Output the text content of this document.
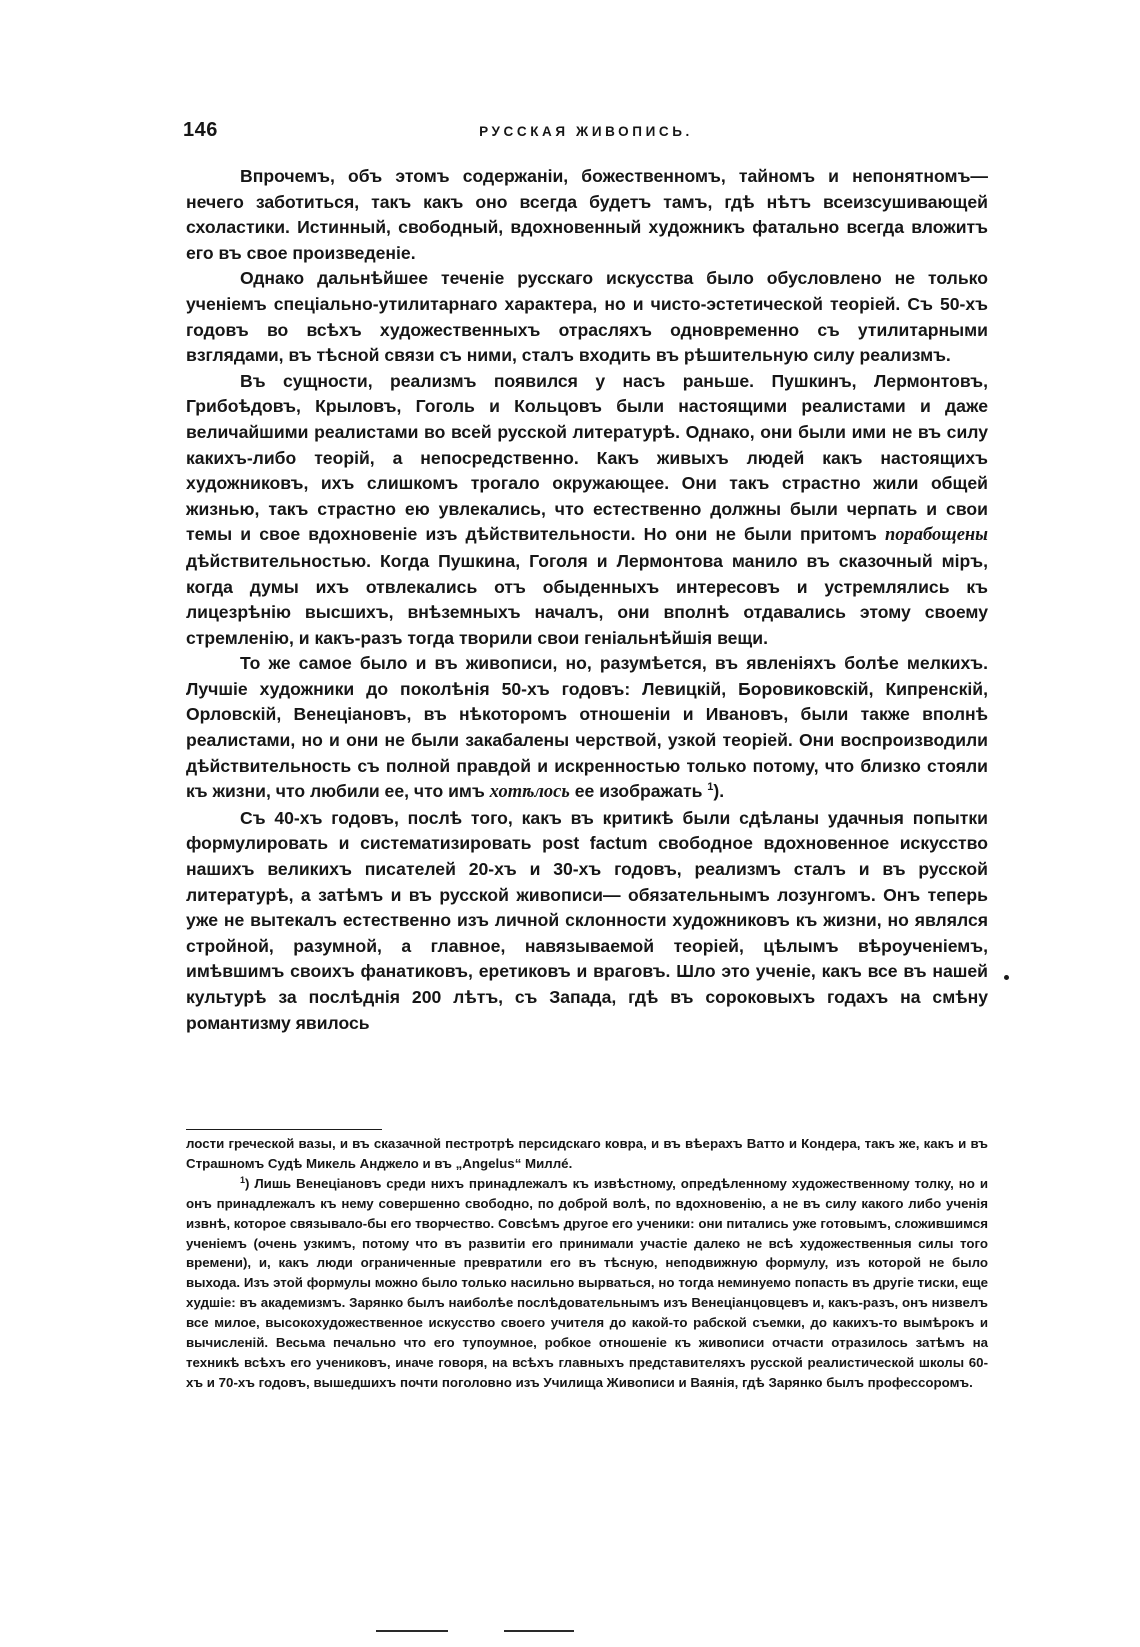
146	РУССКАЯ ЖИВОПИСЬ.

Впрочемъ, объ этомъ содержаніи, божественномъ, тайномъ и непонятномъ— нечего заботиться, такъ какъ оно всегда будетъ тамъ, гдѣ нѣтъ всеизсушивающей схоластики. Истинный, свободный, вдохновенный художникъ фатально всегда вложитъ его въ свое произведеніе.

Однако дальнѣйшее теченіе русскаго искусства было обусловлено не только ученіемъ спеціально-утилитарнаго характера, но и чисто-эстетической теоріей. Съ 50-хъ годовъ во всѣхъ художественныхъ отрасляхъ одновременно съ утилитарными взглядами, въ тѣсной связи съ ними, сталъ входить въ рѣшительную силу реализмъ.

Въ сущности, реализмъ появился у насъ раньше. Пушкинъ, Лермонтовъ, Грибоѣдовъ, Крыловъ, Гоголь и Кольцовъ были настоящими реалистами и даже величайшими реалистами во всей русской литературѣ. Однако, они были ими не въ силу какихъ-либо теорій, а непосредственно. Какъ живыхъ людей какъ настоящихъ художниковъ, ихъ слишкомъ трогало окружающее. Они такъ страстно жили общей жизнью, такъ страстно ею увлекались, что естественно должны были черпать и свои темы и свое вдохновеніе изъ дѣйствительности. Но они не были притомъ порабощены дѣйствительностью. Когда Пушкина, Гоголя и Лермонтова манило въ сказочный міръ, когда думы ихъ отвлекались отъ обыденныхъ интересовъ и устремлялись къ лицезрѣнію высшихъ, внѣземныхъ началъ, они вполнѣ отдавались этому своему стремленію, и какъ-разъ тогда творили свои геніальнѣйшія вещи.

То же самое было и въ живописи, но, разумѣется, въ явленіяхъ болѣе мелкихъ. Лучшіе художники до поколѣнія 50-хъ годовъ: Левицкій, Боровиковскій, Кипренскій, Орловскій, Венеціановъ, въ нѣкоторомъ отношеніи и Ивановъ, были также вполнѣ реалистами, но и они не были закабалены черствой, узкой теоріей. Они воспроизводили дѣйствительность съ полной правдой и искренностью только потому, что близко стояли къ жизни, что любили ее, что имъ хотѣлось ее изображать $^1$).

Съ 40-хъ годовъ, послѣ того, какъ въ критикѣ были сдѣланы удачныя попытки формулировать и систематизировать post factum свободное вдохновенное искусство нашихъ великихъ писателей 20-хъ и 30-хъ годовъ, реализмъ сталъ и въ русской литературѣ, а затѣмъ и въ русской живописи— обязательнымъ лозунгомъ. Онъ теперь уже не вытекалъ естественно изъ личной склонности художниковъ къ жизни, но являлся стройной, разумной, а главное, навязываемой теоріей, цѣлымъ вѣроученіемъ, имѣвшимъ своихъ фанатиковъ, еретиковъ и враговъ. Шло это ученіе, какъ все въ нашей культурѣ за послѣднія 200 лѣтъ, съ Запада, гдѣ въ сороковыхъ годахъ на смѣну романтизму явилось

лости греческой вазы, и въ сказачной пестротрѣ персидскаго ковра, и въ вѣерахъ Ватто и Кондера, такъ же, какъ и въ Страшномъ Судѣ Микель Анджело и въ „Angelus“ Миллé.

$^1$) Лишь Венеціановъ среди нихъ принадлежалъ къ извѣстному, опредѣленному художественному толку, но и онъ принадлежалъ къ нему совершенно свободно, по доброй волѣ, по вдохновенію, а не въ силу какого либо ученія извнѣ, которое связывало-бы его творчество. Совсѣмъ другое его ученики: они питались уже готовымъ, сложившимся ученіемъ (очень узкимъ, потому что въ развитіи его принимали участіе далеко не всѣ художественныя силы того времени), и, какъ люди ограниченные превратили его въ тѣсную, неподвижную формулу, изъ которой не было выхода. Изъ этой формулы можно было только насильно вырваться, но тогда неминуемо попасть въ другіе тиски, еще худшіе: въ академизмъ. Зарянко былъ наиболѣе послѣдовательнымъ изъ Венеціанцовцевъ и, какъ-разъ, онъ низвелъ все милое, высокохудожественное искусство своего учителя до какой-то рабской съемки, до какихъ-то вымѣрокъ и вычисленій. Весьма печально что его тупоумное, робкое отношеніе къ живописи отчасти отразилось затѣмъ на техникѣ всѣхъ его учениковъ, иначе говоря, на всѣхъ главныхъ представителяхъ русской реалистической школы 60-хъ и 70-хъ годовъ, вышедшихъ почти поголовно изъ Училища Живописи и Ваянія, гдѣ Зарянко былъ профессоромъ.
